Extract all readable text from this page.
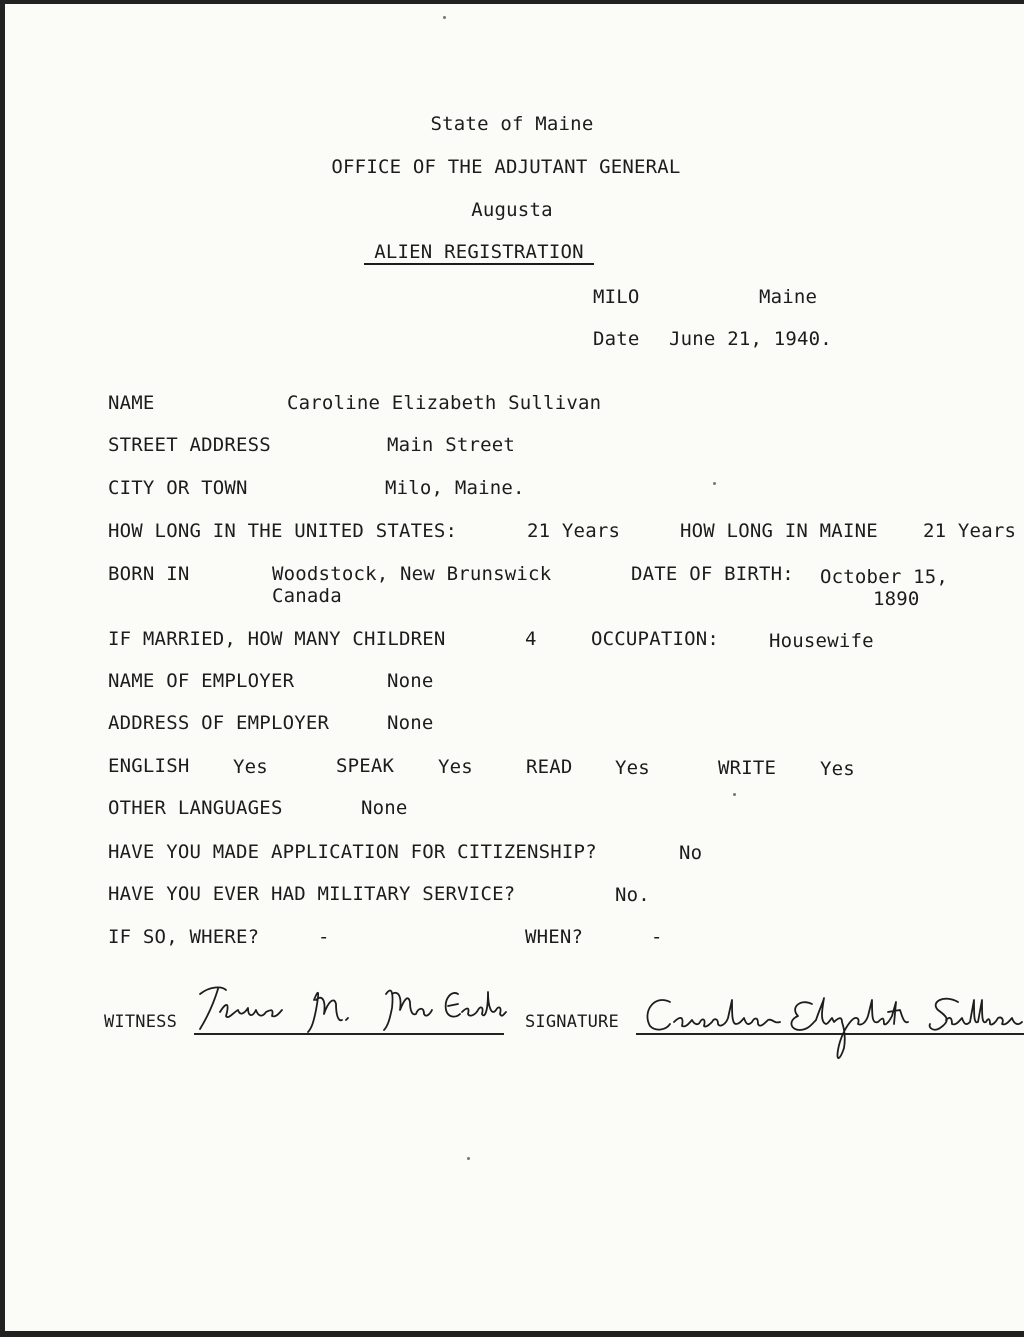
State of Maine
OFFICE OF THE ADJUTANT GENERAL
Augusta
ALIEN REGISTRATION
MILO	Maine
Date June 21, 1940.
NAME	Caroline Elizabeth Sullivan
STREET ADDRESS	Main Street
CITY OR TOWN	Milo, Maine.
HOW LONG IN THE UNITED STATES:	21 Years	HOW LONG IN MAINE 21 Years
BORN IN	Woodstock, New Brunswick
Canada
DATE OF BIRTH: October 15,
1890
IF MARRIED, HOW MANY CHILDREN	4	OCCUPATION:	Housewife
NAME OF EMPLOYER	None
ADDRESS OF EMPLOYER	None
ENGLISH Yes	SPEAK Yes	READ Yes	WRITE Yes
OTHER LANGUAGES	None
HAVE YOU MADE APPLICATION FOR CITIZENSHIP?	No
HAVE YOU EVER HAD MILITARY SERVICE?	No.
IF SO, WHERE?	-	WHEN?	-
WITNESS	SIGNATURE
